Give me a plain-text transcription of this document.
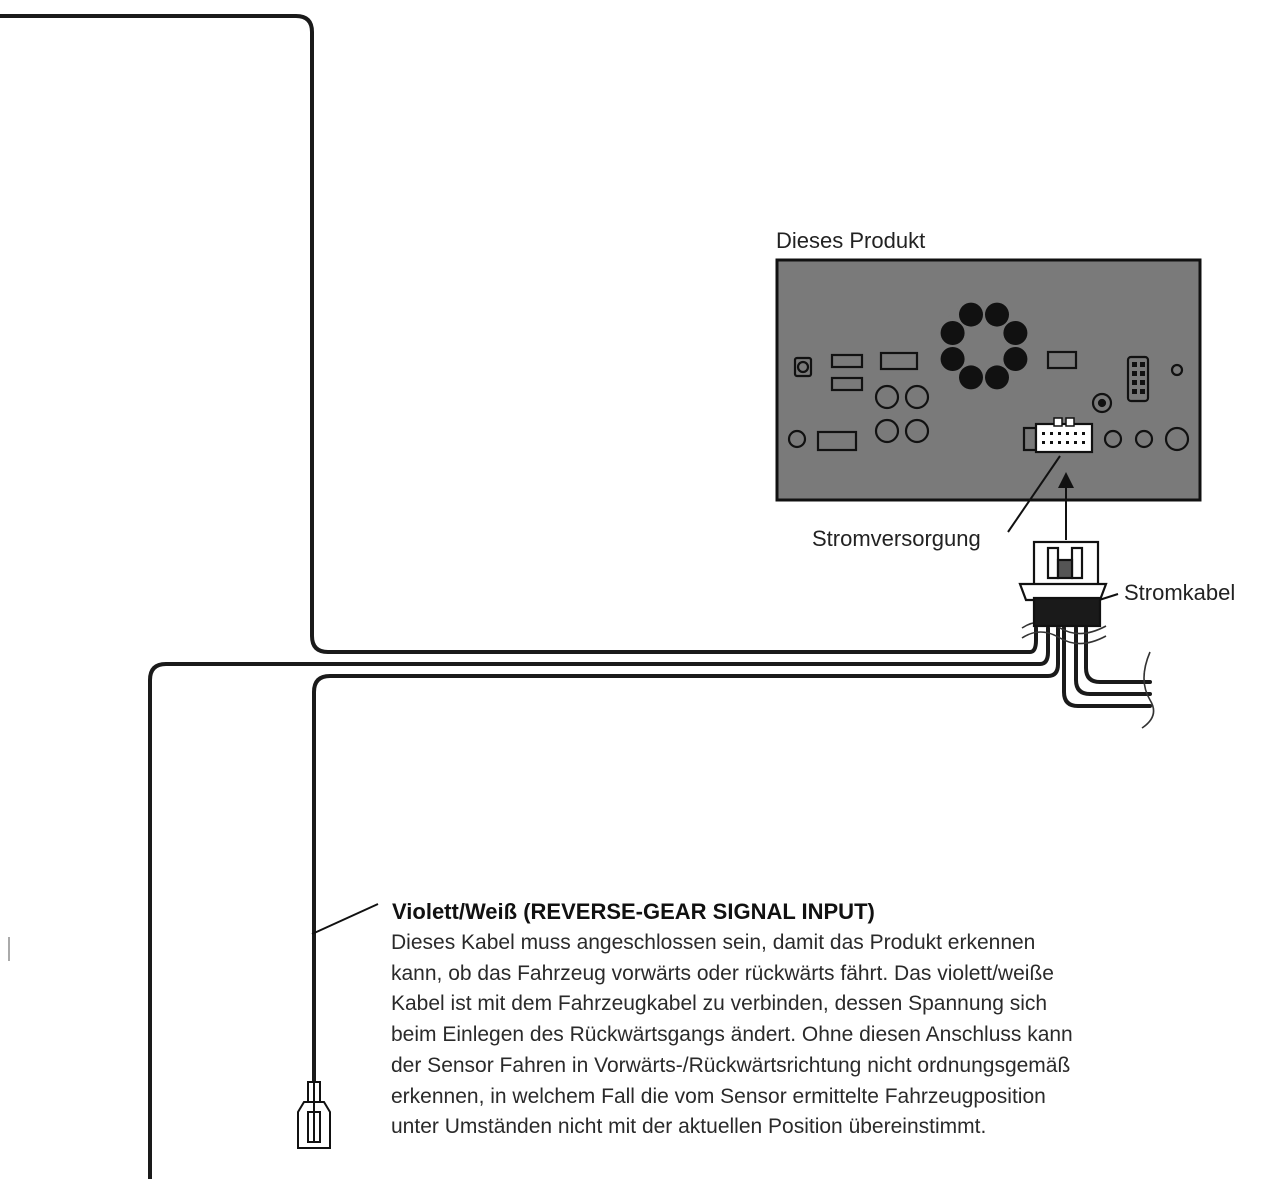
Dieses Produkt
Stromversorgung
Stromkabel
Violett/Weiß (REVERSE-GEAR SIGNAL INPUT)
Dieses Kabel muss angeschlossen sein, damit das Produkt erkennen
kann, ob das Fahrzeug vorwärts oder rückwärts fährt. Das violett/weiße
Kabel ist mit dem Fahrzeugkabel zu verbinden, dessen Spannung sich
beim Einlegen des Rückwärtsgangs ändert. Ohne diesen Anschluss kann
der Sensor Fahren in Vorwärts-/Rückwärtsrichtung nicht ordnungsgemäß
erkennen, in welchem Fall die vom Sensor ermittelte Fahrzeugposition
unter Umständen nicht mit der aktuellen Position übereinstimmt.
